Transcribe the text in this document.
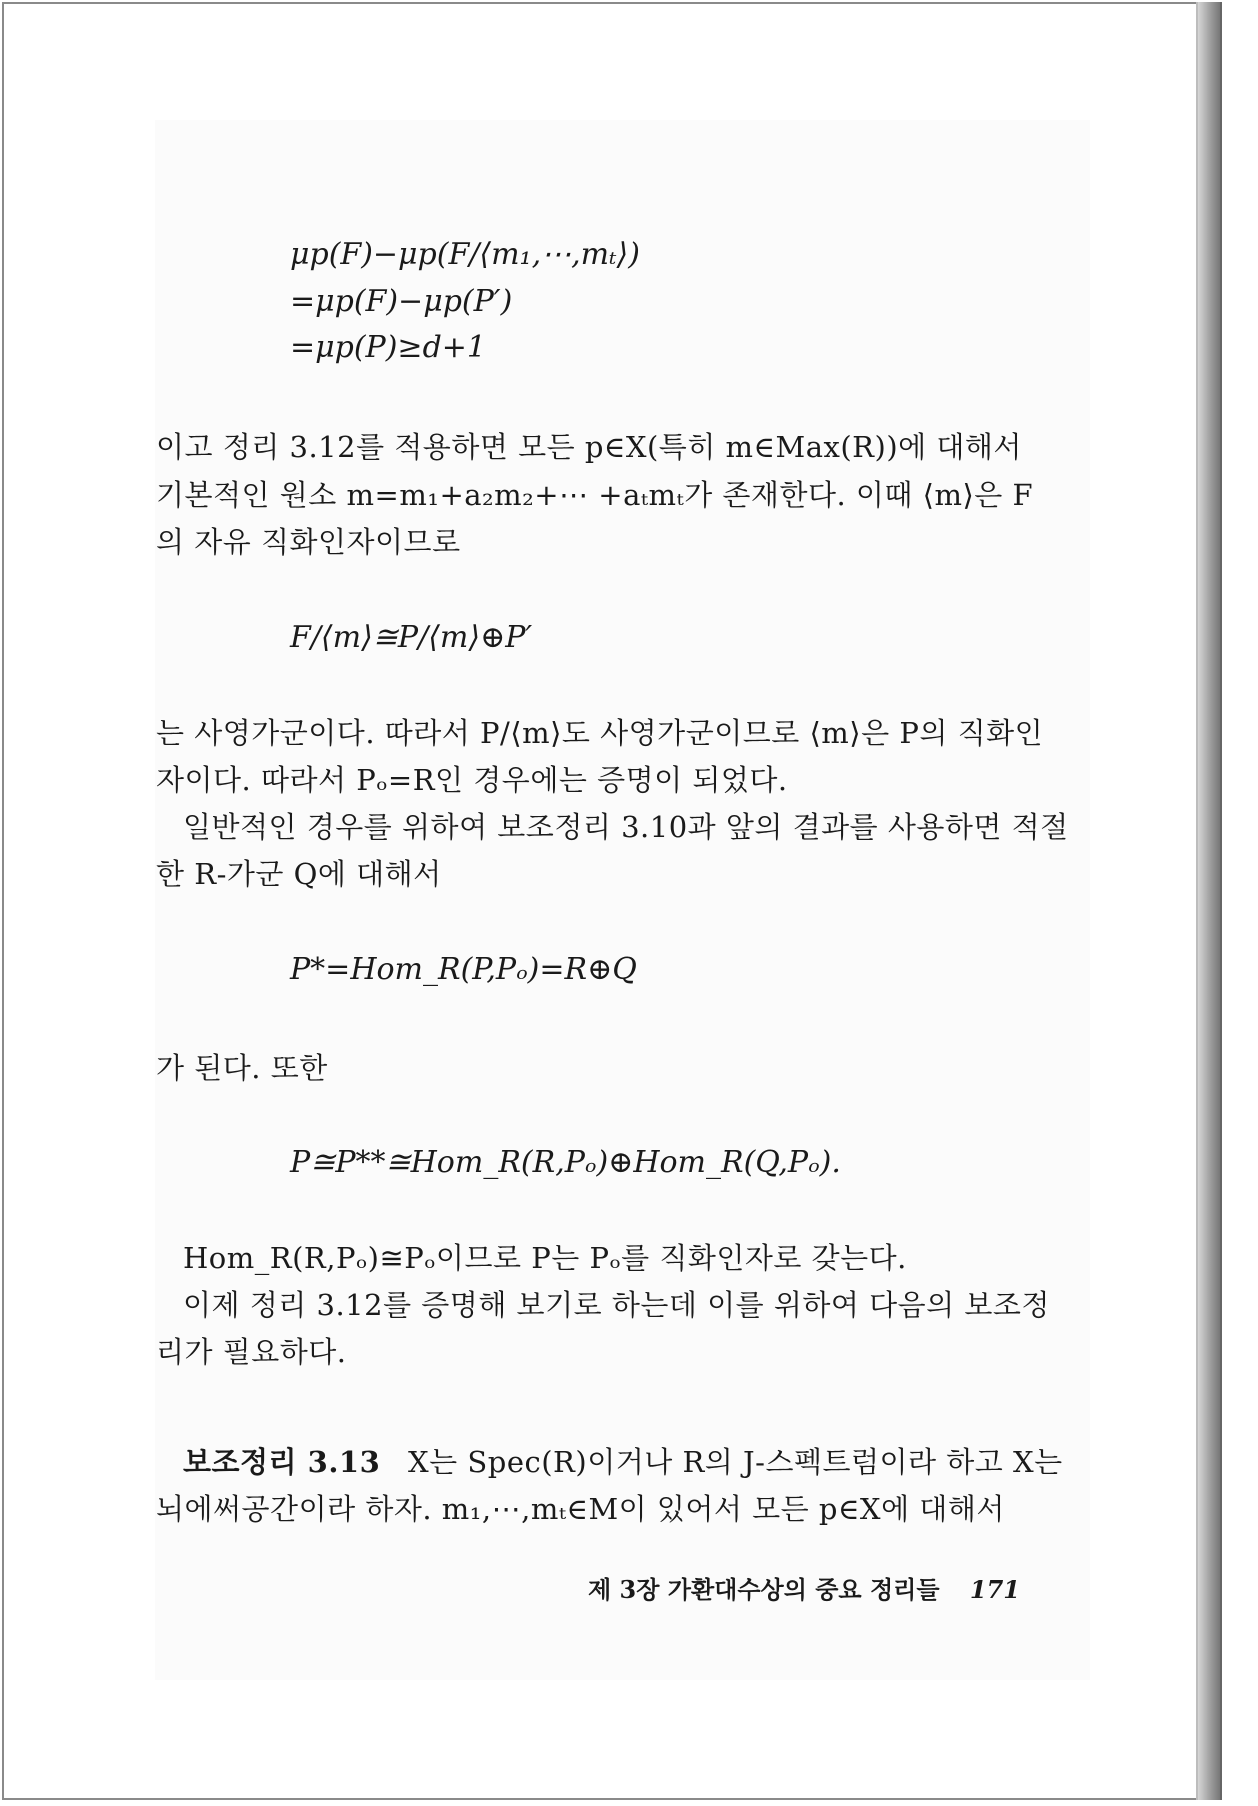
μp(F)−μp(F/⟨m₁,⋯,mₜ⟩)
=μp(F)−μp(P′)
=μp(P)≥d+1
이고 정리 3.12를 적용하면 모든 p∈X(특히 m∈Max(R))에 대해서
기본적인 원소 m=m₁+a₂m₂+⋯ +aₜmₜ가 존재한다. 이때 ⟨m⟩은 F
의 자유 직화인자이므로
F/⟨m⟩≅P/⟨m⟩⊕P′
는 사영가군이다. 따라서 P/⟨m⟩도 사영가군이므로 ⟨m⟩은 P의 직화인
자이다. 따라서 Pₒ=R인 경우에는 증명이 되었다.
일반적인 경우를 위하여 보조정리 3.10과 앞의 결과를 사용하면 적절
한 R-가군 Q에 대해서
P*=Hom_R(P,Pₒ)=R⊕Q
가 된다. 또한
P≅P**≅Hom_R(R,Pₒ)⊕Hom_R(Q,Pₒ).
Hom_R(R,Pₒ)≅Pₒ이므로 P는 Pₒ를 직화인자로 갖는다.
이제 정리 3.12를 증명해 보기로 하는데 이를 위하여 다음의 보조정
리가 필요하다.
보조정리 3.13 X는 Spec(R)이거나 R의 J-스펙트럼이라 하고 X는
뇌에써공간이라 하자. m₁,⋯,mₜ∈M이 있어서 모든 p∈X에 대해서
제 3장 가환대수상의 중요 정리들 171
